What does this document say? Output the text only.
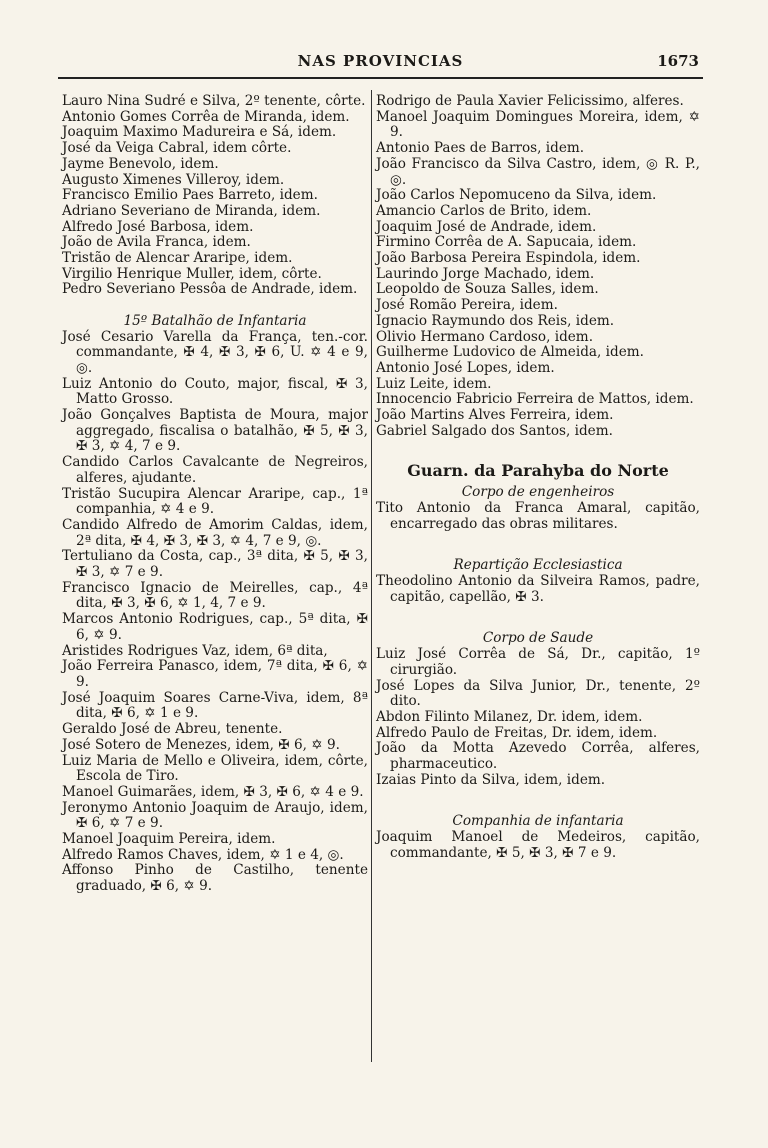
NAS PROVINCIAS	1673
Lauro Nina Sudré e Silva, 2º tenente, côrte.
Antonio Gomes Corrêa de Miranda, idem.
Joaquim Maximo Madureira e Sá, idem.
José da Veiga Cabral, idem côrte.
Jayme Benevolo, idem.
Augusto Ximenes Villeroy, idem.
Francisco Emilio Paes Barreto, idem.
Adriano Severiano de Miranda, idem.
Alfredo José Barbosa, idem.
João de Avila Franca, idem.
Tristão de Alencar Araripe, idem.
Virgilio Henrique Muller, idem, côrte.
Pedro Severiano Pessôa de Andrade, idem.
15º Batalhão de Infantaria
José Cesario Varella da França, ten.-cor. commandante, ✠ 4, ✠ 3, ✠ 6, U. ✡ 4 e 9, ◎.
Luiz Antonio do Couto, major, fiscal, ✠ 3, Matto Grosso.
João Gonçalves Baptista de Moura, major aggregado, fiscalisa o batalhão, ✠ 5, ✠ 3, ✠ 3, ✡ 4, 7 e 9.
Candido Carlos Cavalcante de Negreiros, alferes, ajudante.
Tristão Sucupira Alencar Araripe, cap., 1ª companhia, ✡ 4 e 9.
Candido Alfredo de Amorim Caldas, idem, 2ª dita, ✠ 4, ✠ 3, ✠ 3, ✡ 4, 7 e 9, ◎.
Tertuliano da Costa, cap., 3ª dita, ✠ 5, ✠ 3, ✠ 3, ✡ 7 e 9.
Francisco Ignacio de Meirelles, cap., 4ª dita, ✠ 3, ✠ 6, ✡ 1, 4, 7 e 9.
Marcos Antonio Rodrigues, cap., 5ª dita, ✠ 6, ✡ 9.
Aristides Rodrigues Vaz, idem, 6ª dita,
João Ferreira Panasco, idem, 7ª dita, ✠ 6, ✡ 9.
José Joaquim Soares Carne-Viva, idem, 8ª dita, ✠ 6, ✡ 1 e 9.
Geraldo José de Abreu, tenente.
José Sotero de Menezes, idem, ✠ 6, ✡ 9.
Luiz Maria de Mello e Oliveira, idem, côrte, Escola de Tiro.
Manoel Guimarães, idem, ✠ 3, ✠ 6, ✡ 4 e 9.
Jeronymo Antonio Joaquim de Araujo, idem, ✠ 6, ✡ 7 e 9.
Manoel Joaquim Pereira, idem.
Alfredo Ramos Chaves, idem, ✡ 1 e 4, ◎.
Affonso Pinho de Castilho, tenente graduado, ✠ 6, ✡ 9.
Rodrigo de Paula Xavier Felicissimo, alferes.
Manoel Joaquim Domingues Moreira, idem, ✡ 9.
Antonio Paes de Barros, idem.
João Francisco da Silva Castro, idem, ◎ R. P., ◎.
João Carlos Nepomuceno da Silva, idem.
Amancio Carlos de Brito, idem.
Joaquim José de Andrade, idem.
Firmino Corrêa de A. Sapucaia, idem.
João Barbosa Pereira Espindola, idem.
Laurindo Jorge Machado, idem.
Leopoldo de Souza Salles, idem.
José Romão Pereira, idem.
Ignacio Raymundo dos Reis, idem.
Olivio Hermano Cardoso, idem.
Guilherme Ludovico de Almeida, idem.
Antonio José Lopes, idem.
Luiz Leite, idem.
Innocencio Fabricio Ferreira de Mattos, idem.
João Martins Alves Ferreira, idem.
Gabriel Salgado dos Santos, idem.
Guarn. da Parahyba do Norte
Corpo de engenheiros
Tito Antonio da Franca Amaral, capitão, encarregado das obras militares.
Repartição Ecclesiastica
Theodolino Antonio da Silveira Ramos, padre, capitão, capellão, ✠ 3.
Corpo de Saude
Luiz José Corrêa de Sá, Dr., capitão, 1º cirurgião.
José Lopes da Silva Junior, Dr., tenente, 2º dito.
Abdon Filinto Milanez, Dr. idem, idem.
Alfredo Paulo de Freitas, Dr. idem, idem.
João da Motta Azevedo Corrêa, alferes, pharmaceutico.
Izaias Pinto da Silva, idem, idem.
Companhia de infantaria
Joaquim Manoel de Medeiros, capitão, commandante, ✠ 5, ✠ 3, ✠ 7 e 9.
